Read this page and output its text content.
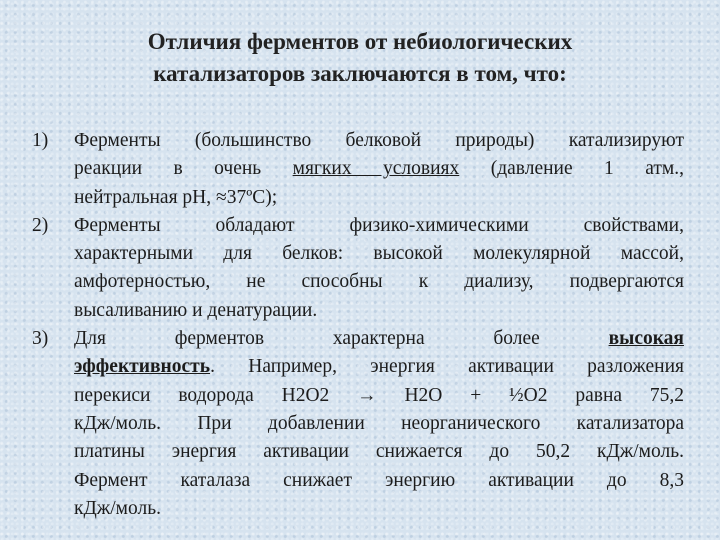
Отличия ферментов от небиологических
катализаторов заключаются в том, что:
1) Ферменты (большинство белковой природы) катализируют
реакции в очень мягких условиях (давление 1 атм.,
нейтральная pH, ≈37ºС);
2) Ферменты обладают физико-химическими свойствами,
характерными для белков: высокой молекулярной массой,
амфотерностью, не способны к диализу, подвергаются
высаливанию и денатурации.
3) Для	ферментов	характерна	более	высокая
эффективность. Например, энергия активации разложения
перекиси водорода Н2О2 → Н2О + ½О2 равна 75,2
кДж/моль. При добавлении неорганического катализатора
платины энергия активации снижается до 50,2 кДж/моль.
Фермент каталаза снижает энергию активации до 8,3
кДж/моль.
